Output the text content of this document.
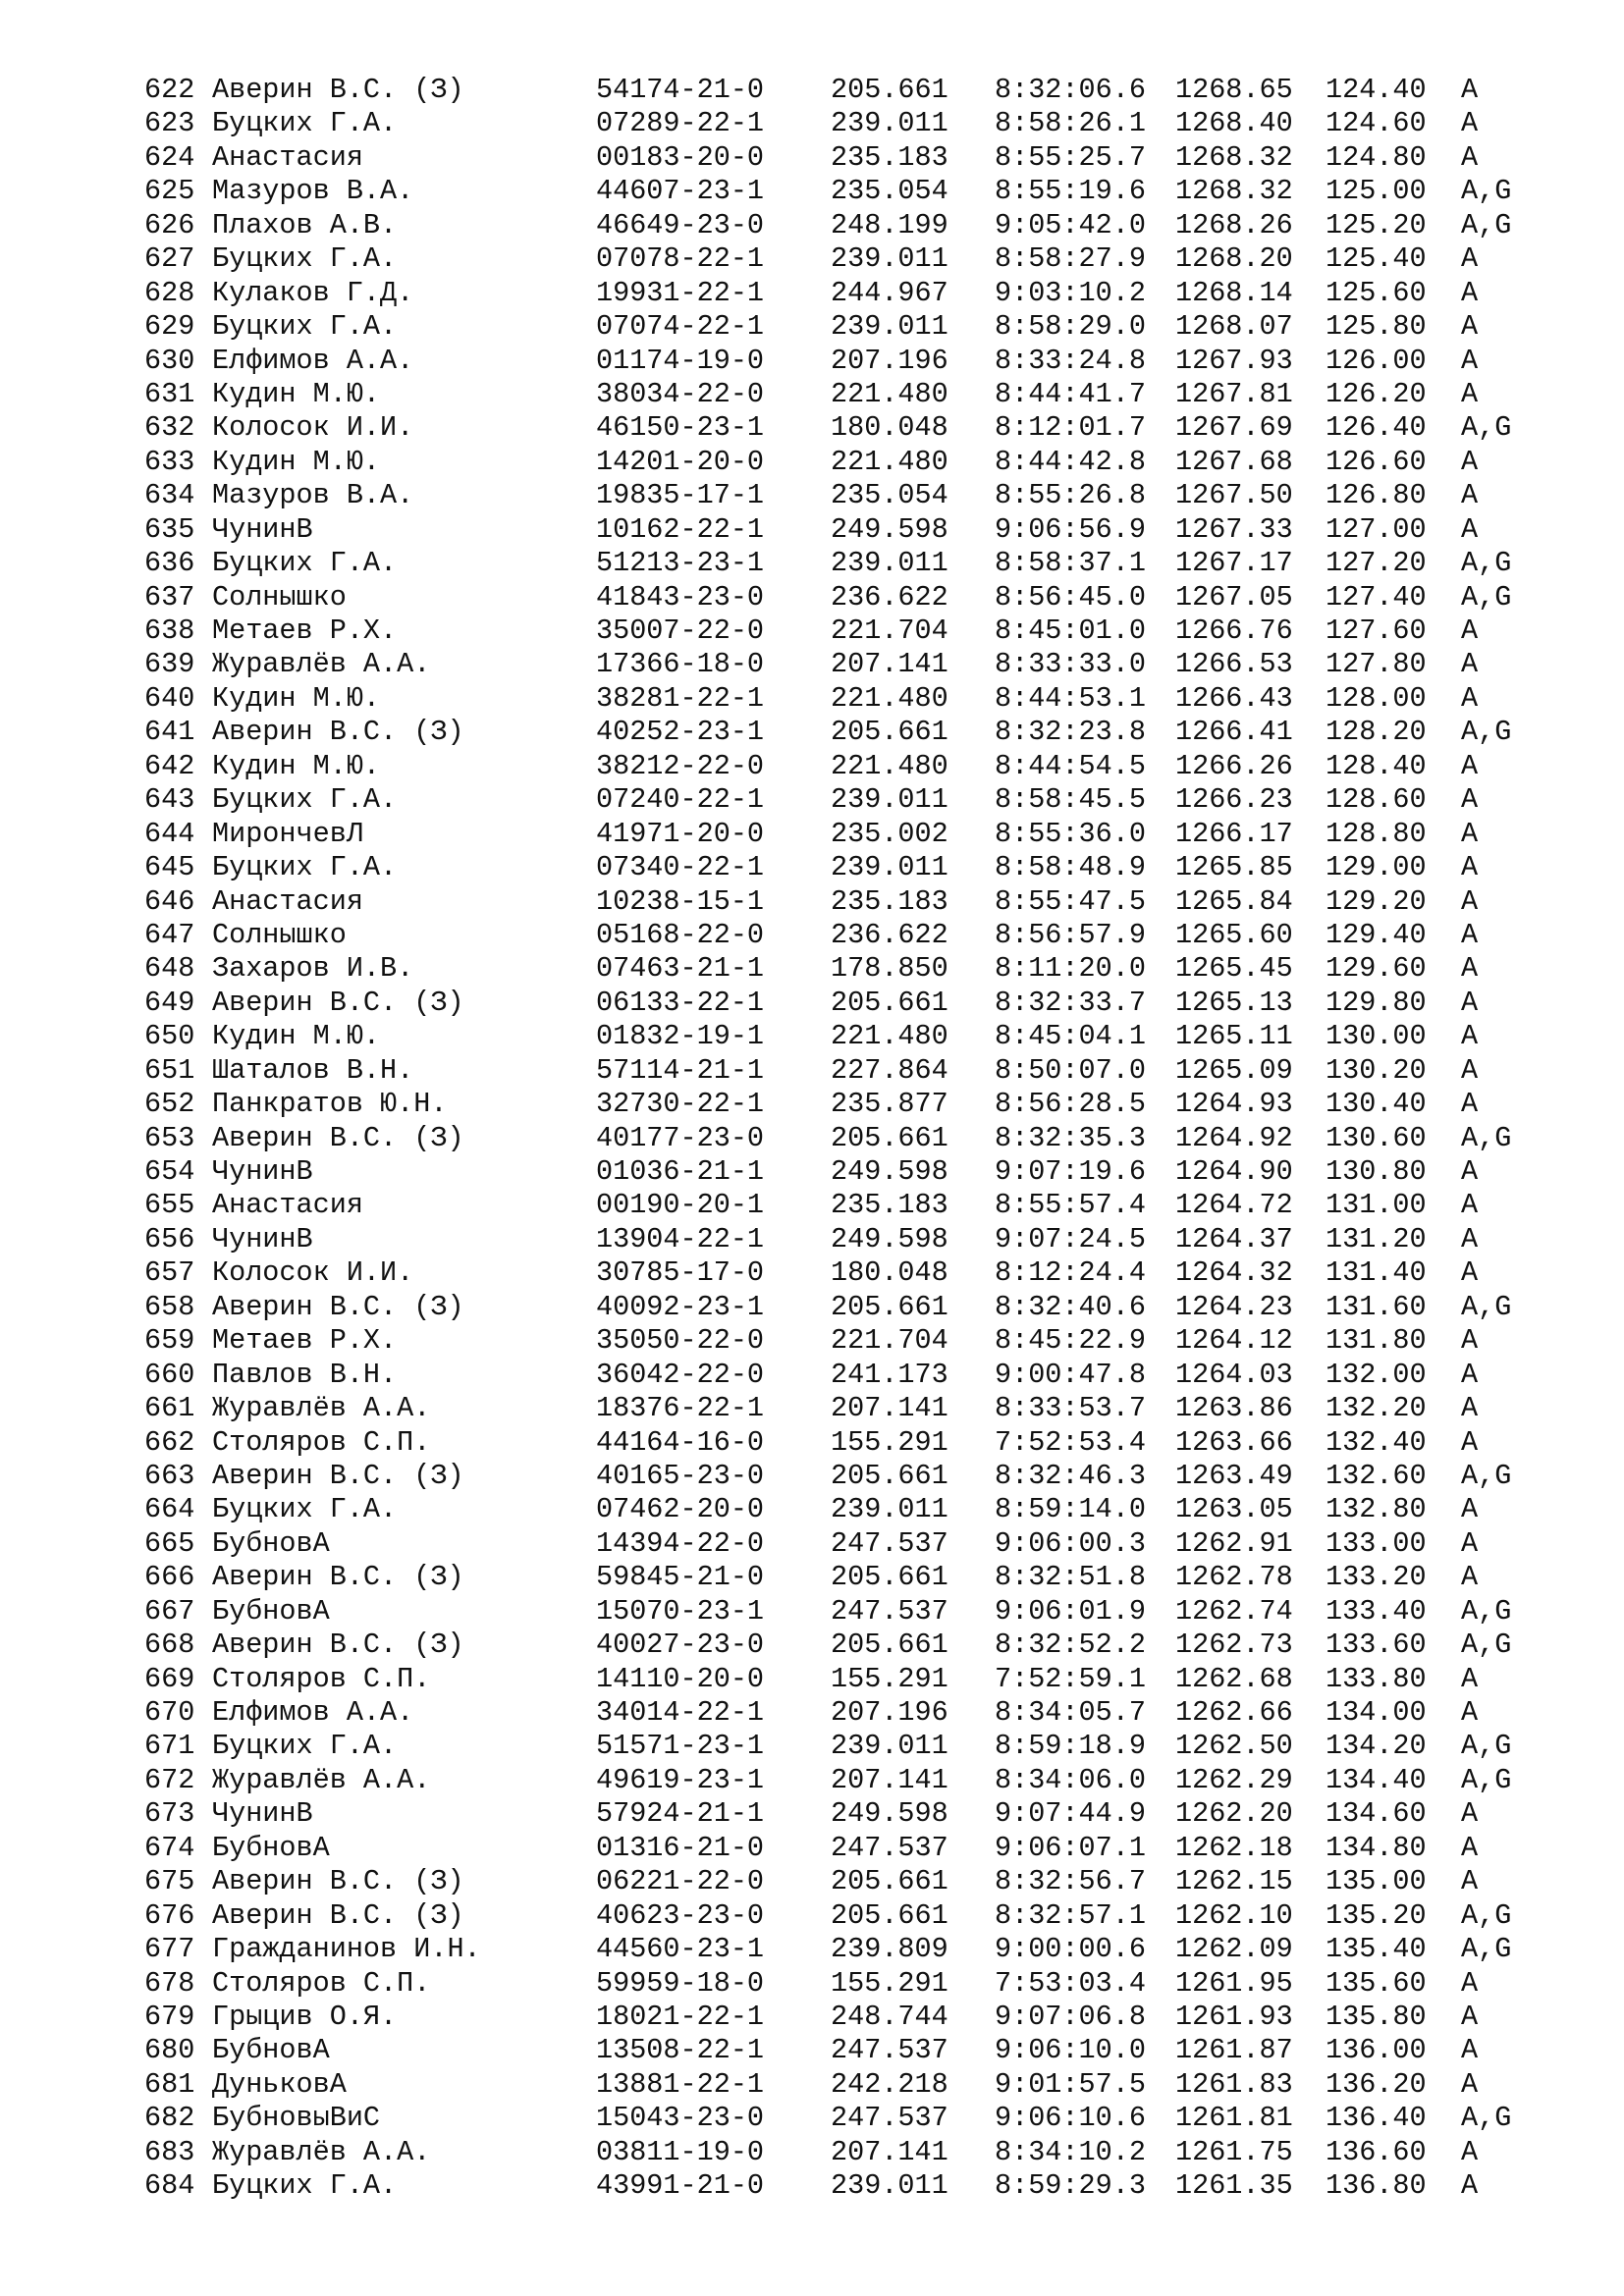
622 Аверин В.С. (З)	54174-21-0 205.661 8:32:06.6 1268.65 124.40 A
623 Буцких Г.А.	07289-22-1 239.011 8:58:26.1 1268.40 124.60 A
624 Анастасия	00183-20-0 235.183 8:55:25.7 1268.32 124.80 A
625 Мазуров В.А.	44607-23-1 235.054 8:55:19.6 1268.32 125.00 A,G
626 Плахов А.В.	46649-23-0 248.199 9:05:42.0 1268.26 125.20 A,G
627 Буцких Г.А.	07078-22-1 239.011 8:58:27.9 1268.20 125.40 A
628 Кулаков Г.Д.	19931-22-1 244.967 9:03:10.2 1268.14 125.60 A
629 Буцких Г.А.	07074-22-1 239.011 8:58:29.0 1268.07 125.80 A
630 Елфимов А.А.	01174-19-0 207.196 8:33:24.8 1267.93 126.00 A
631 Кудин М.Ю.	38034-22-0 221.480 8:44:41.7 1267.81 126.20 A
632 Колосок И.И.	46150-23-1 180.048 8:12:01.7 1267.69 126.40 A,G
633 Кудин М.Ю.	14201-20-0 221.480 8:44:42.8 1267.68 126.60 A
634 Мазуров В.А.	19835-17-1 235.054 8:55:26.8 1267.50 126.80 A
635 ЧунинВ	10162-22-1 249.598 9:06:56.9 1267.33 127.00 A
636 Буцких Г.А.	51213-23-1 239.011 8:58:37.1 1267.17 127.20 A,G
637 Солнышко	41843-23-0 236.622 8:56:45.0 1267.05 127.40 A,G
638 Метаев Р.Х.	35007-22-0 221.704 8:45:01.0 1266.76 127.60 A
639 Журавлёв А.А.	17366-18-0 207.141 8:33:33.0 1266.53 127.80 A
640 Кудин М.Ю.	38281-22-1 221.480 8:44:53.1 1266.43 128.00 A
641 Аверин В.С. (З)	40252-23-1 205.661 8:32:23.8 1266.41 128.20 A,G
642 Кудин М.Ю.	38212-22-0 221.480 8:44:54.5 1266.26 128.40 A
643 Буцких Г.А.	07240-22-1 239.011 8:58:45.5 1266.23 128.60 A
644 МирончевЛ	41971-20-0 235.002 8:55:36.0 1266.17 128.80 A
645 Буцких Г.А.	07340-22-1 239.011 8:58:48.9 1265.85 129.00 A
646 Анастасия	10238-15-1 235.183 8:55:47.5 1265.84 129.20 A
647 Солнышко	05168-22-0 236.622 8:56:57.9 1265.60 129.40 A
648 Захаров И.В.	07463-21-1 178.850 8:11:20.0 1265.45 129.60 A
649 Аверин В.С. (З)	06133-22-1 205.661 8:32:33.7 1265.13 129.80 A
650 Кудин М.Ю.	01832-19-1 221.480 8:45:04.1 1265.11 130.00 A
651 Шаталов В.Н.	57114-21-1 227.864 8:50:07.0 1265.09 130.20 A
652 Панкратов Ю.Н.	32730-22-1 235.877 8:56:28.5 1264.93 130.40 A
653 Аверин В.С. (З)	40177-23-0 205.661 8:32:35.3 1264.92 130.60 A,G
654 ЧунинВ	01036-21-1 249.598 9:07:19.6 1264.90 130.80 A
655 Анастасия	00190-20-1 235.183 8:55:57.4 1264.72 131.00 A
656 ЧунинВ	13904-22-1 249.598 9:07:24.5 1264.37 131.20 A
657 Колосок И.И.	30785-17-0 180.048 8:12:24.4 1264.32 131.40 A
658 Аверин В.С. (З)	40092-23-1 205.661 8:32:40.6 1264.23 131.60 A,G
659 Метаев Р.Х.	35050-22-0 221.704 8:45:22.9 1264.12 131.80 A
660 Павлов В.Н.	36042-22-0 241.173 9:00:47.8 1264.03 132.00 A
661 Журавлёв А.А.	18376-22-1 207.141 8:33:53.7 1263.86 132.20 A
662 Столяров С.П.	44164-16-0 155.291 7:52:53.4 1263.66 132.40 A
663 Аверин В.С. (З)	40165-23-0 205.661 8:32:46.3 1263.49 132.60 A,G
664 Буцких Г.А.	07462-20-0 239.011 8:59:14.0 1263.05 132.80 A
665 БубновА	14394-22-0 247.537 9:06:00.3 1262.91 133.00 A
666 Аверин В.С. (З)	59845-21-0 205.661 8:32:51.8 1262.78 133.20 A
667 БубновА	15070-23-1 247.537 9:06:01.9 1262.74 133.40 A,G
668 Аверин В.С. (З)	40027-23-0 205.661 8:32:52.2 1262.73 133.60 A,G
669 Столяров С.П.	14110-20-0 155.291 7:52:59.1 1262.68 133.80 A
670 Елфимов А.А.	34014-22-1 207.196 8:34:05.7 1262.66 134.00 A
671 Буцких Г.А.	51571-23-1 239.011 8:59:18.9 1262.50 134.20 A,G
672 Журавлёв А.А.	49619-23-1 207.141 8:34:06.0 1262.29 134.40 A,G
673 ЧунинВ	57924-21-1 249.598 9:07:44.9 1262.20 134.60 A
674 БубновА	01316-21-0 247.537 9:06:07.1 1262.18 134.80 A
675 Аверин В.С. (З)	06221-22-0 205.661 8:32:56.7 1262.15 135.00 A
676 Аверин В.С. (З)	40623-23-0 205.661 8:32:57.1 1262.10 135.20 A,G
677 Гражданинов И.Н.	44560-23-1 239.809 9:00:00.6 1262.09 135.40 A,G
678 Столяров С.П.	59959-18-0 155.291 7:53:03.4 1261.95 135.60 A
679 Грыцив О.Я.	18021-22-1 248.744 9:07:06.8 1261.93 135.80 A
680 БубновА	13508-22-1 247.537 9:06:10.0 1261.87 136.00 A
681 ДуньковА	13881-22-1 242.218 9:01:57.5 1261.83 136.20 A
682 БубновыВиС	15043-23-0 247.537 9:06:10.6 1261.81 136.40 A,G
683 Журавлёв А.А.	03811-19-0 207.141 8:34:10.2 1261.75 136.60 A
684 Буцких Г.А.	43991-21-0 239.011 8:59:29.3 1261.35 136.80 A
